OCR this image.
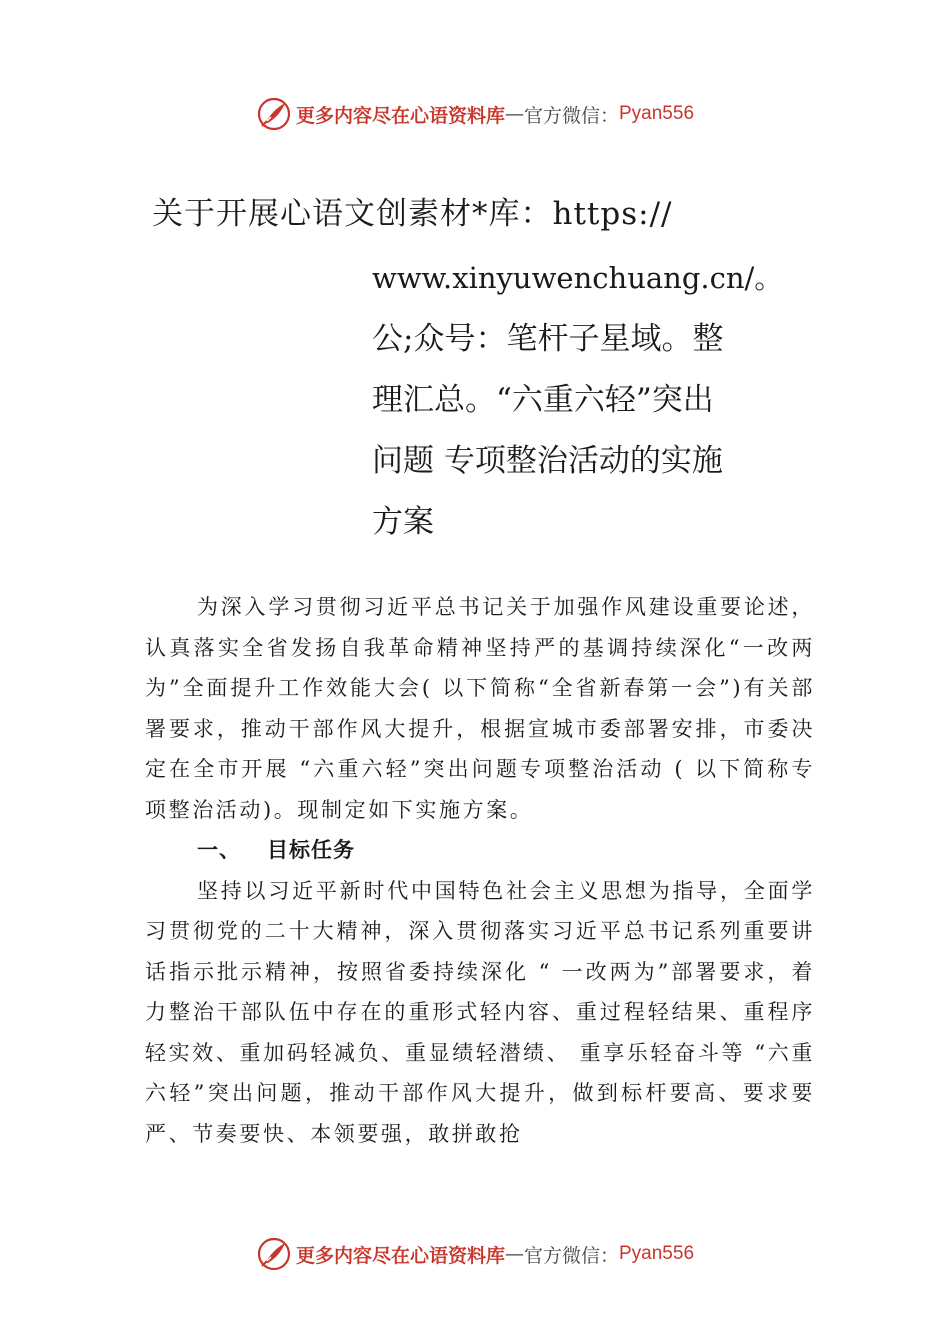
更多内容尽在心语资料库 — 官方微信： Pyan556
关于开展心语文创素材*库：https://
www.xinyuwenchuang.cn/。
公;众号：笔杆子星域。整
理汇总。“六重六轻”突出
问题 专项整治活动的实施
方案

为深入学习贯彻习近平总书记关于加强作风建设重要论述，认真落实全省发扬自我革命精神坚持严的基调持续深化“一改两为”全面提升工作效能大会( 以下简称“全省新春第一会”)有关部署要求，推动干部作风大提升，根据宣城市委部署安排，市委决定在全市开展 “六重六轻”突出问题专项整治活动 ( 以下简称专项整治活动)。现制定如下实施方案。

一、 目标任务

坚持以习近平新时代中国特色社会主义思想为指导，全面学习贯彻党的二十大精神，深入贯彻落实习近平总书记系列重要讲话指示批示精神，按照省委持续深化 “ 一改两为”部署要求，着力整治干部队伍中存在的重形式轻内容、重过程轻结果、重程序轻实效、重加码轻减负、重显绩轻潜绩、 重享乐轻奋斗等 “六重六轻”突出问题，推动干部作风大提升，做到标杆要高、要求要严、节奏要快、本领要强，敢拼敢抢

更多内容尽在心语资料库 — 官方微信： Pyan556
